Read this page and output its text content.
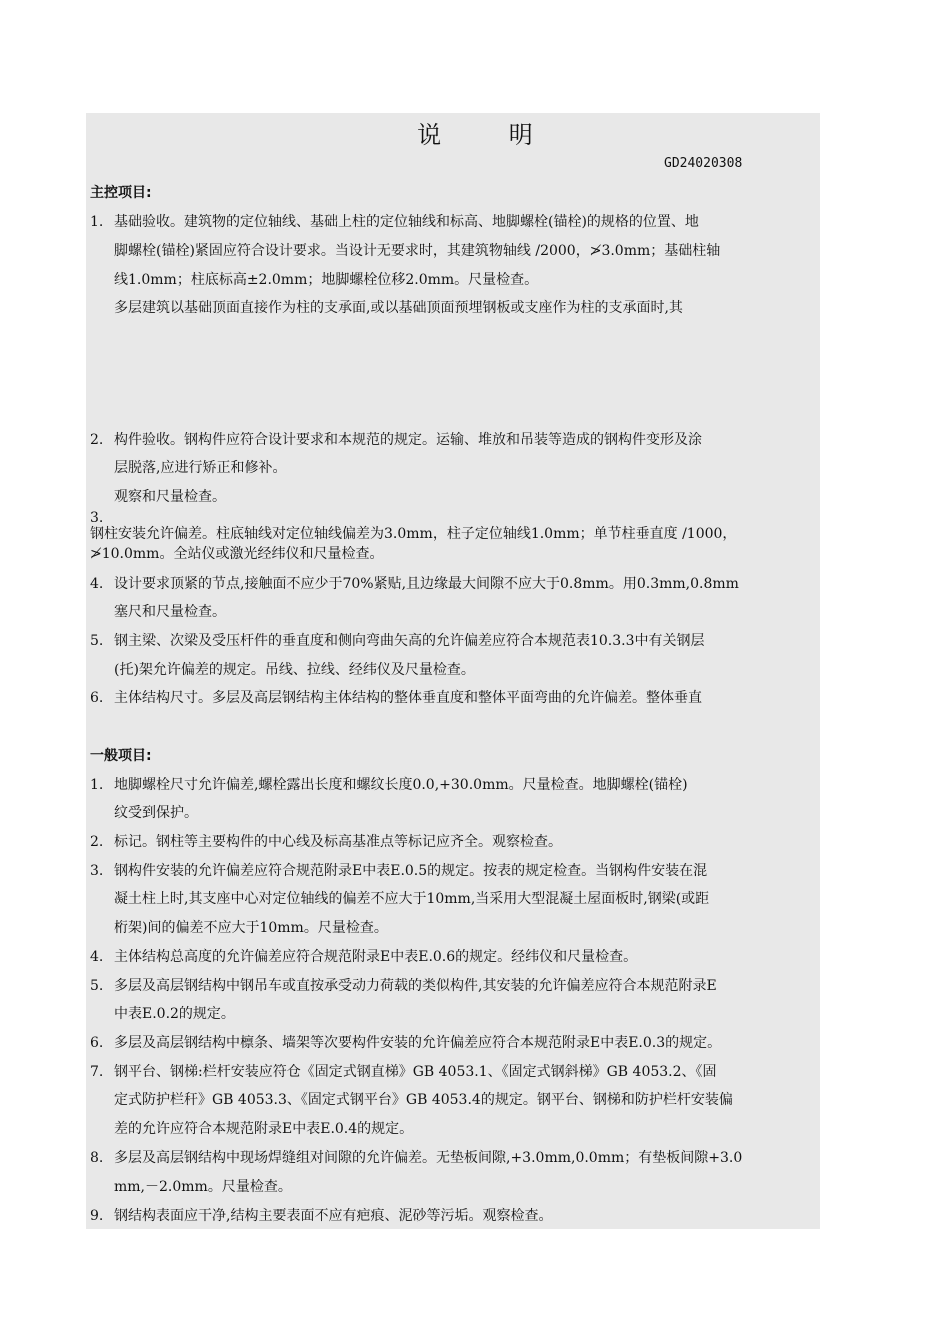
说 明
GD24020308
主控项目:
1. 基础验收。建筑物的定位轴线、基础上柱的定位轴线和标高、地脚螺栓(锚栓)的规格的位置、地
脚螺栓(锚栓)紧固应符合设计要求。当设计无要求时，其建筑物轴线 /2000，≯3.0mm；基础柱轴
线1.0mm；柱底标高±2.0mm；地脚螺栓位移2.0mm。尺量检查。
多层建筑以基础顶面直接作为柱的支承面,或以基础顶面预埋钢板或支座作为柱的支承面时,其
2. 构件验收。钢构件应符合设计要求和本规范的规定。运输、堆放和吊装等造成的钢构件变形及涂
层脱落,应进行矫正和修补。
观察和尺量检查。
3.
钢柱安装允许偏差。柱底轴线对定位轴线偏差为3.0mm，柱子定位轴线1.0mm；单节柱垂直度 /1000，
≯10.0mm。全站仪或激光经纬仪和尺量检查。
4. 设计要求顶紧的节点,接触面不应少于70%紧贴,且边缘最大间隙不应大于0.8mm。用0.3mm,0.8mm
塞尺和尺量检查。
5. 钢主梁、次梁及受压杆件的垂直度和侧向弯曲矢高的允许偏差应符合本规范表10.3.3中有关钢层
(托)架允许偏差的规定。吊线、拉线、经纬仪及尺量检查。
6. 主体结构尺寸。多层及高层钢结构主体结构的整体垂直度和整体平面弯曲的允许偏差。整体垂直
一般项目:
1. 地脚螺栓尺寸允许偏差,螺栓露出长度和螺纹长度0.0,+30.0mm。尺量检查。地脚螺栓(锚栓)
纹受到保护。
2. 标记。钢柱等主要构件的中心线及标高基准点等标记应齐全。观察检查。
3. 钢构件安装的允许偏差应符合规范附录E中表E.0.5的规定。按表的规定检查。当钢构件安装在混
凝土柱上时,其支座中心对定位轴线的偏差不应大于10mm,当采用大型混凝土屋面板时,钢梁(或距
桁架)间的偏差不应大于10mm。尺量检查。
4. 主体结构总高度的允许偏差应符合规范附录E中表E.0.6的规定。经纬仪和尺量检查。
5. 多层及高层钢结构中钢吊车或直按承受动力荷载的类似构件,其安装的允许偏差应符合本规范附录E
中表E.0.2的规定。
6. 多层及高层钢结构中檩条、墙架等次要构件安装的允许偏差应符合本规范附录E中表E.0.3的规定。
7. 钢平台、钢梯:栏杆安装应符仓《固定式钢直梯》GB 4053.1、《固定式钢斜梯》GB 4053.2、《固
定式防护栏秆》GB 4053.3、《固定式钢平台》GB 4053.4的规定。钢平台、钢梯和防护栏杆安装偏
差的允许应符合本规范附录E中表E.0.4的规定。
8. 多层及高层钢结构中现场焊缝组对间隙的允许偏差。无垫板间隙,+3.0mm,0.0mm；有垫板间隙+3.0
mm,－2.0mm。尺量检查。
9. 钢结构表面应干净,结构主要表面不应有疤痕、泥砂等污垢。观察检查。
